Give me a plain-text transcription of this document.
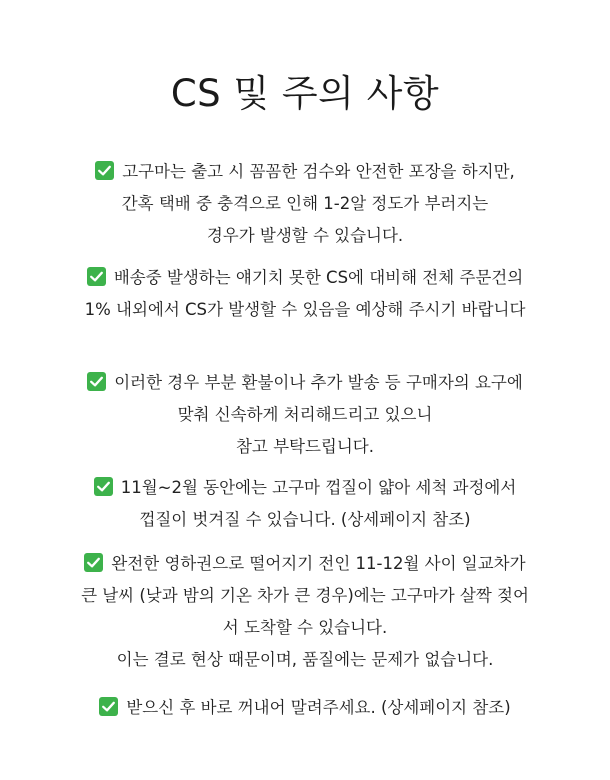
CS 및 주의 사항
고구마는 출고 시 꼼꼼한 검수와 안전한 포장을 하지만,
간혹 택배 중 충격으로 인해 1-2알 정도가 부러지는
경우가 발생할 수 있습니다.
배송중 발생하는 얘기치 못한 CS에 대비해 전체 주문건의
1% 내외에서 CS가 발생할 수 있음을 예상해 주시기 바랍니다
이러한 경우 부분 환불이나 추가 발송 등 구매자의 요구에
맞춰 신속하게 처리해드리고 있으니
참고 부탁드립니다.
11월~2월 동안에는 고구마 껍질이 얇아 세척 과정에서
껍질이 벗겨질 수 있습니다. (상세페이지 참조)
완전한 영하권으로 떨어지기 전인 11-12월 사이 일교차가
큰 날씨 (낮과 밤의 기온 차가 큰 경우)에는 고구마가 살짝 젖어
서 도착할 수 있습니다.
이는 결로 현상 때문이며, 품질에는 문제가 없습니다.
받으신 후 바로 꺼내어 말려주세요. (상세페이지 참조)
